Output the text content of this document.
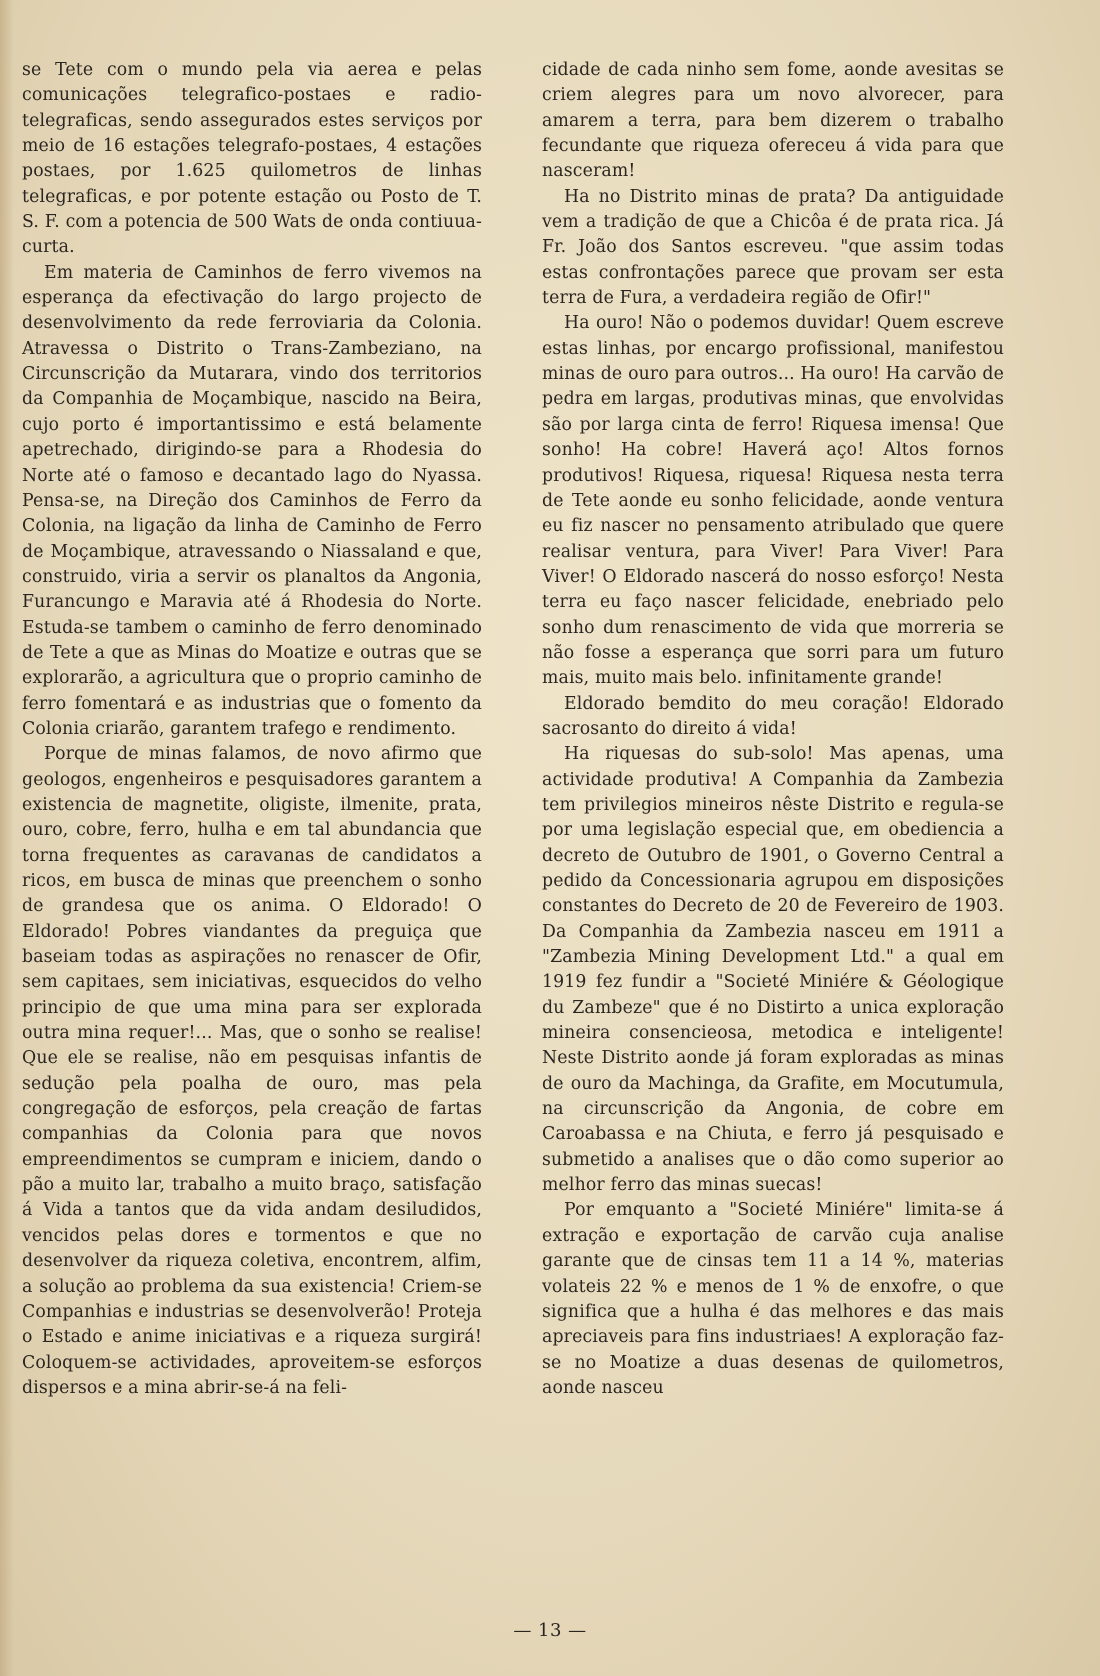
se Tete com o mundo pela via aerea e pelas comunicações telegrafico-postaes e radio-telegraficas, sendo assegurados estes serviços por meio de 16 estações telegrafo-postaes, 4 estações postaes, por 1.625 quilometros de linhas telegraficas, e por potente estação ou Posto de T. S. F. com a potencia de 500 Wats de onda contiuua-curta.

Em materia de Caminhos de ferro vivemos na esperança da efectivação do largo projecto de desenvolvimento da rede ferroviaria da Colonia. Atravessa o Distrito o Trans-Zambeziano, na Circunscrição da Mutarara, vindo dos territorios da Companhia de Moçambique, nascido na Beira, cujo porto é importantissimo e está belamente apetrechado, dirigindo-se para a Rhodesia do Norte até o famoso e decantado lago do Nyassa. Pensa-se, na Direção dos Caminhos de Ferro da Colonia, na ligação da linha de Caminho de Ferro de Moçambique, atravessando o Niassaland e que, construido, viria a servir os planaltos da Angonia, Furancungo e Maravia até á Rhodesia do Norte. Estuda-se tambem o caminho de ferro denominado de Tete a que as Minas do Moatize e outras que se explorarão, a agricultura que o proprio caminho de ferro fomentará e as industrias que o fomento da Colonia criarão, garantem trafego e rendimento.

Porque de minas falamos, de novo afirmo que geologos, engenheiros e pesquisadores garantem a existencia de magnetite, oligiste, ilmenite, prata, ouro, cobre, ferro, hulha e em tal abundancia que torna frequentes as caravanas de candidatos a ricos, em busca de minas que preenchem o sonho de grandesa que os anima. O Eldorado! O Eldorado! Pobres viandantes da preguiça que baseiam todas as aspirações no renascer de Ofir, sem capitaes, sem iniciativas, esquecidos do velho principio de que uma mina para ser explorada outra mina requer!... Mas, que o sonho se realise! Que ele se realise, não em pesquisas infantis de sedução pela poalha de ouro, mas pela congregação de esforços, pela creação de fartas companhias da Colonia para que novos empreendimentos se cumpram e iniciem, dando o pão a muito lar, trabalho a muito braço, satisfação á Vida a tantos que da vida andam desiludidos, vencidos pelas dores e tormentos e que no desenvolver da riqueza coletiva, encontrem, alfim, a solução ao problema da sua existencia! Criem-se Companhias e industrias se desenvolverão! Proteja o Estado e anime iniciativas e a riqueza surgirá! Coloquem-se actividades, aproveitem-se esforços dispersos e a mina abrir-se-á na feli-

cidade de cada ninho sem fome, aonde avesitas se criem alegres para um novo alvorecer, para amarem a terra, para bem dizerem o trabalho fecundante que riqueza ofereceu á vida para que nasceram!

Ha no Distrito minas de prata? Da antiguidade vem a tradição de que a Chicôa é de prata rica. Já Fr. João dos Santos escreveu. "que assim todas estas confrontações parece que provam ser esta terra de Fura, a verdadeira região de Ofir!"

Ha ouro! Não o podemos duvidar! Quem escreve estas linhas, por encargo profissional, manifestou minas de ouro para outros... Ha ouro! Ha carvão de pedra em largas, produtivas minas, que envolvidas são por larga cinta de ferro! Riquesa imensa! Que sonho! Ha cobre! Haverá aço! Altos fornos produtivos! Riquesa, riquesa! Riquesa nesta terra de Tete aonde eu sonho felicidade, aonde ventura eu fiz nascer no pensamento atribulado que quere realisar ventura, para Viver! Para Viver! Para Viver! O Eldorado nascerá do nosso esforço! Nesta terra eu faço nascer felicidade, enebriado pelo sonho dum renascimento de vida que morreria se não fosse a esperança que sorri para um futuro mais, muito mais belo. infinitamente grande!

Eldorado bemdito do meu coração! Eldorado sacrosanto do direito á vida!

Ha riquesas do sub-solo! Mas apenas, uma actividade produtiva! A Companhia da Zambezia tem privilegios mineiros nêste Distrito e regula-se por uma legislação especial que, em obediencia a decreto de Outubro de 1901, o Governo Central a pedido da Concessionaria agrupou em disposições constantes do Decreto de 20 de Fevereiro de 1903. Da Companhia da Zambezia nasceu em 1911 a "Zambezia Mining Development Ltd." a qual em 1919 fez fundir a "Societé Miniére & Géologique du Zambeze" que é no Distirto a unica exploração mineira consencieosa, metodica e inteligente! Neste Distrito aonde já foram exploradas as minas de ouro da Machinga, da Grafite, em Mocutumula, na circunscrição da Angonia, de cobre em Caroabassa e na Chiuta, e ferro já pesquisado e submetido a analises que o dão como superior ao melhor ferro das minas suecas!

Por emquanto a "Societé Miniére" limita-se á extração e exportação de carvão cuja analise garante que de cinsas tem 11 a 14 %, materias volateis 22 % e menos de 1 % de enxofre, o que significa que a hulha é das melhores e das mais apreciaveis para fins industriaes! A exploração faz-se no Moatize a duas desenas de quilometros, aonde nasceu

— 13 —
